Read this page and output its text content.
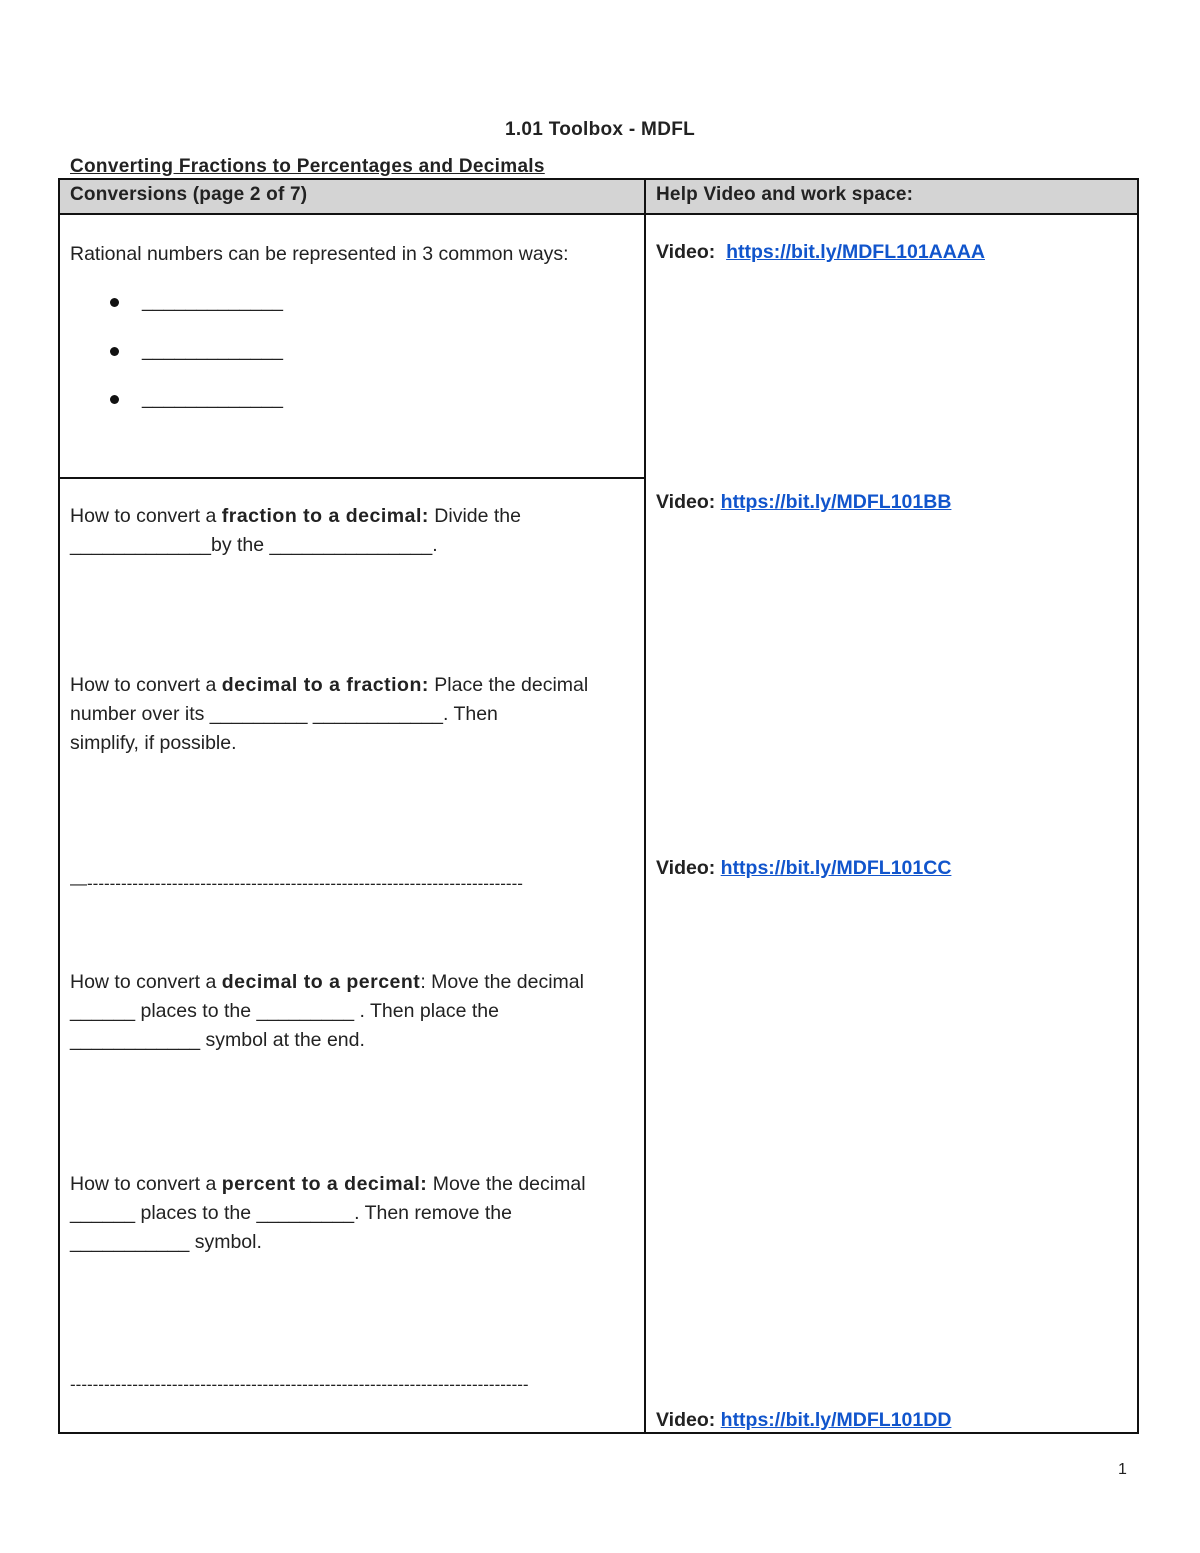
1.01 Toolbox - MDFL
Converting Fractions to Percentages and Decimals
Conversions (page 2 of 7)	Help Video and work space:
Rational numbers can be represented in 3 common ways:
_____________
_____________
_____________
How to convert a fraction to a decimal: Divide the
_____________by the _______________.
How to convert a decimal to a fraction: Place the decimal
number over its _________ ____________. Then
simplify, if possible.
—-----------------------------------------------------------------------------
How to convert a decimal to a percent: Move the decimal
______ places to the _________ . Then place the
____________ symbol at the end.
How to convert a percent to a decimal: Move the decimal
______ places to the _________. Then remove the
___________ symbol.
---------------------------------------------------------------------------------
Video: https://bit.ly/MDFL101AAAA
Video: https://bit.ly/MDFL101BB
Video: https://bit.ly/MDFL101CC
Video: https://bit.ly/MDFL101DD
1
